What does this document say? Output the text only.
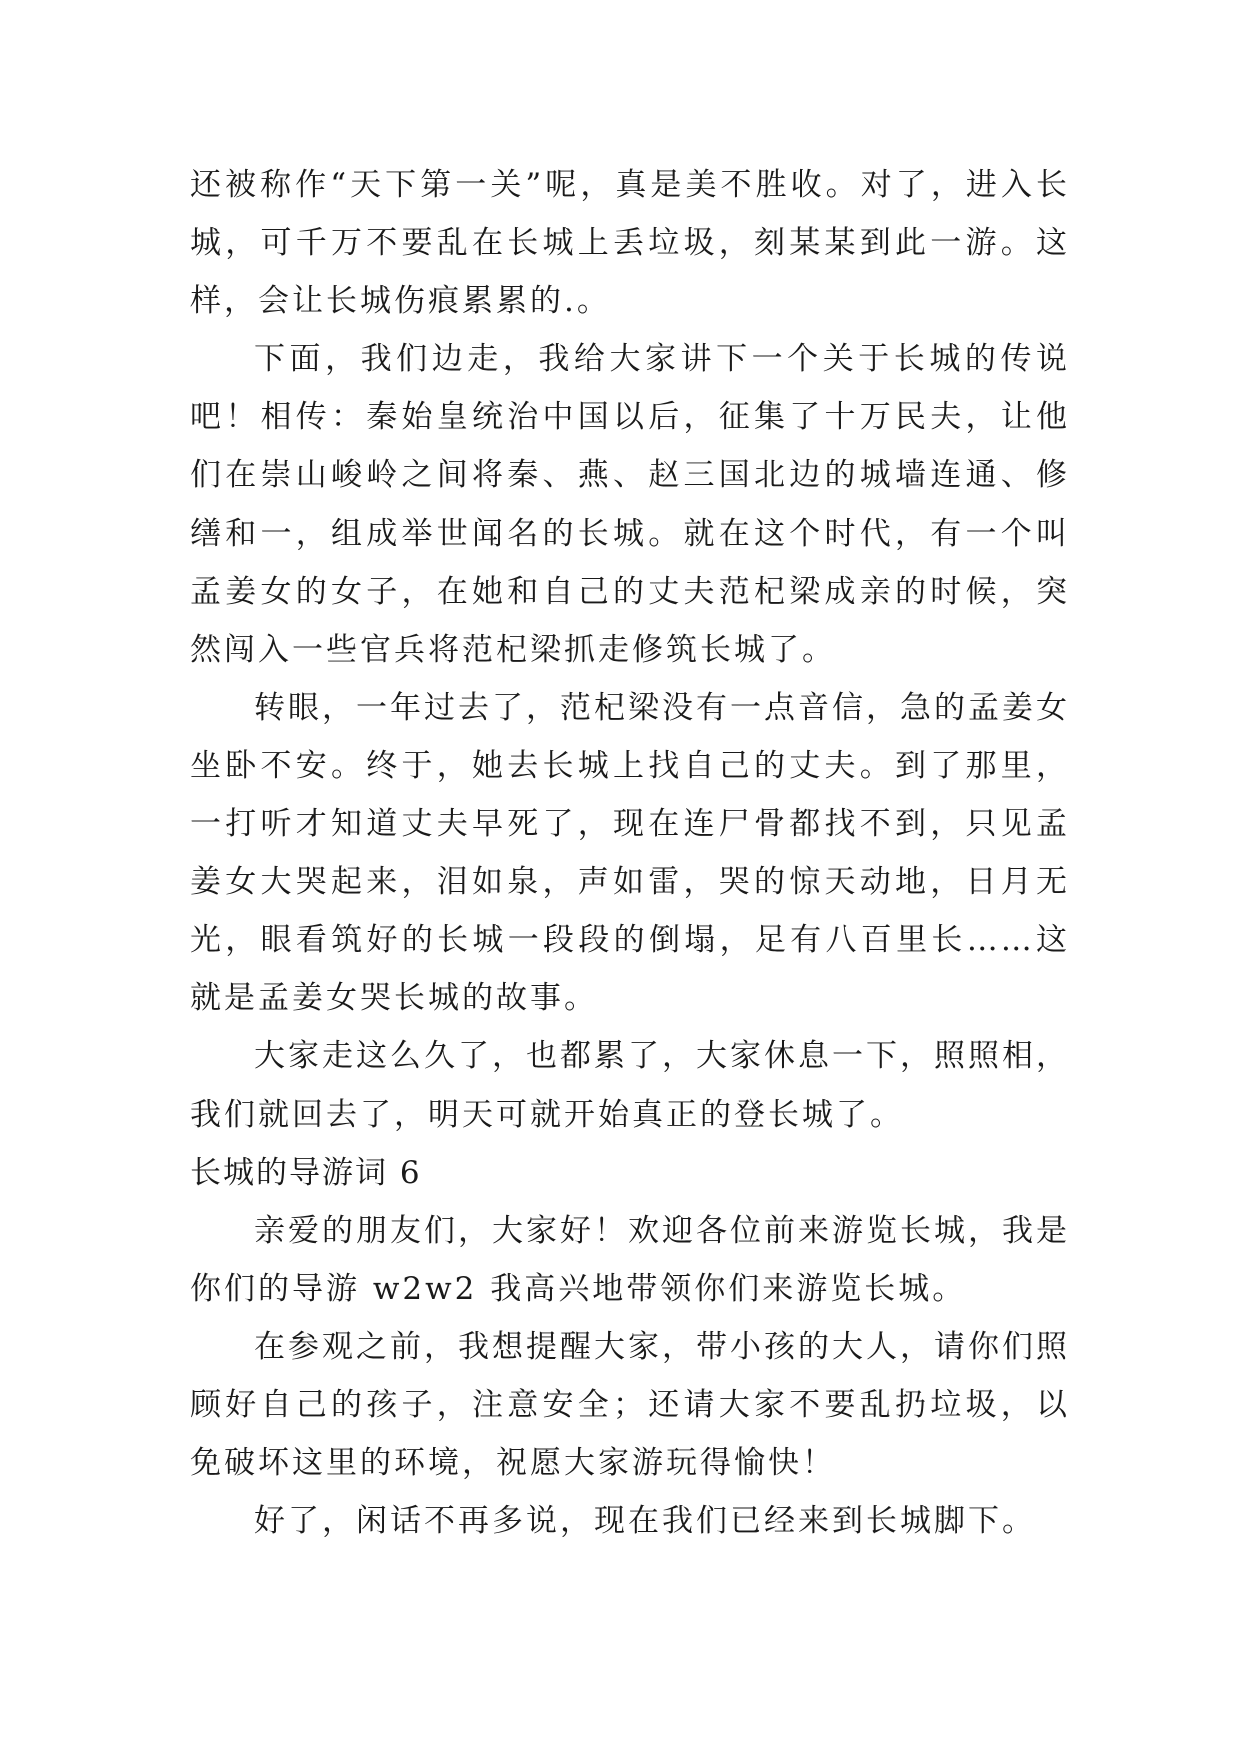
还被称作“天下第一关”呢，真是美不胜收。对了，进入长城，可千万不要乱在长城上丢垃圾，刻某某到此一游。这样，会让长城伤痕累累的.。

下面，我们边走，我给大家讲下一个关于长城的传说吧！相传：秦始皇统治中国以后，征集了十万民夫，让他们在崇山峻岭之间将秦、燕、赵三国北边的城墙连通、修缮和一，组成举世闻名的长城。就在这个时代，有一个叫孟姜女的女子，在她和自己的丈夫范杞梁成亲的时候，突然闯入一些官兵将范杞梁抓走修筑长城了。

转眼，一年过去了，范杞梁没有一点音信，急的孟姜女坐卧不安。终于，她去长城上找自己的丈夫。到了那里，一打听才知道丈夫早死了，现在连尸骨都找不到，只见孟姜女大哭起来，泪如泉，声如雷，哭的惊天动地，日月无光，眼看筑好的长城一段段的倒塌，足有八百里长……这就是孟姜女哭长城的故事。

大家走这么久了，也都累了，大家休息一下，照照相，我们就回去了，明天可就开始真正的登长城了。

长城的导游词 6

亲爱的朋友们，大家好！欢迎各位前来游览长城，我是你们的导游 w2w2 我高兴地带领你们来游览长城。

在参观之前，我想提醒大家，带小孩的大人，请你们照顾好自己的孩子，注意安全；还请大家不要乱扔垃圾，以免破坏这里的环境，祝愿大家游玩得愉快！

好了，闲话不再多说，现在我们已经来到长城脚下。
